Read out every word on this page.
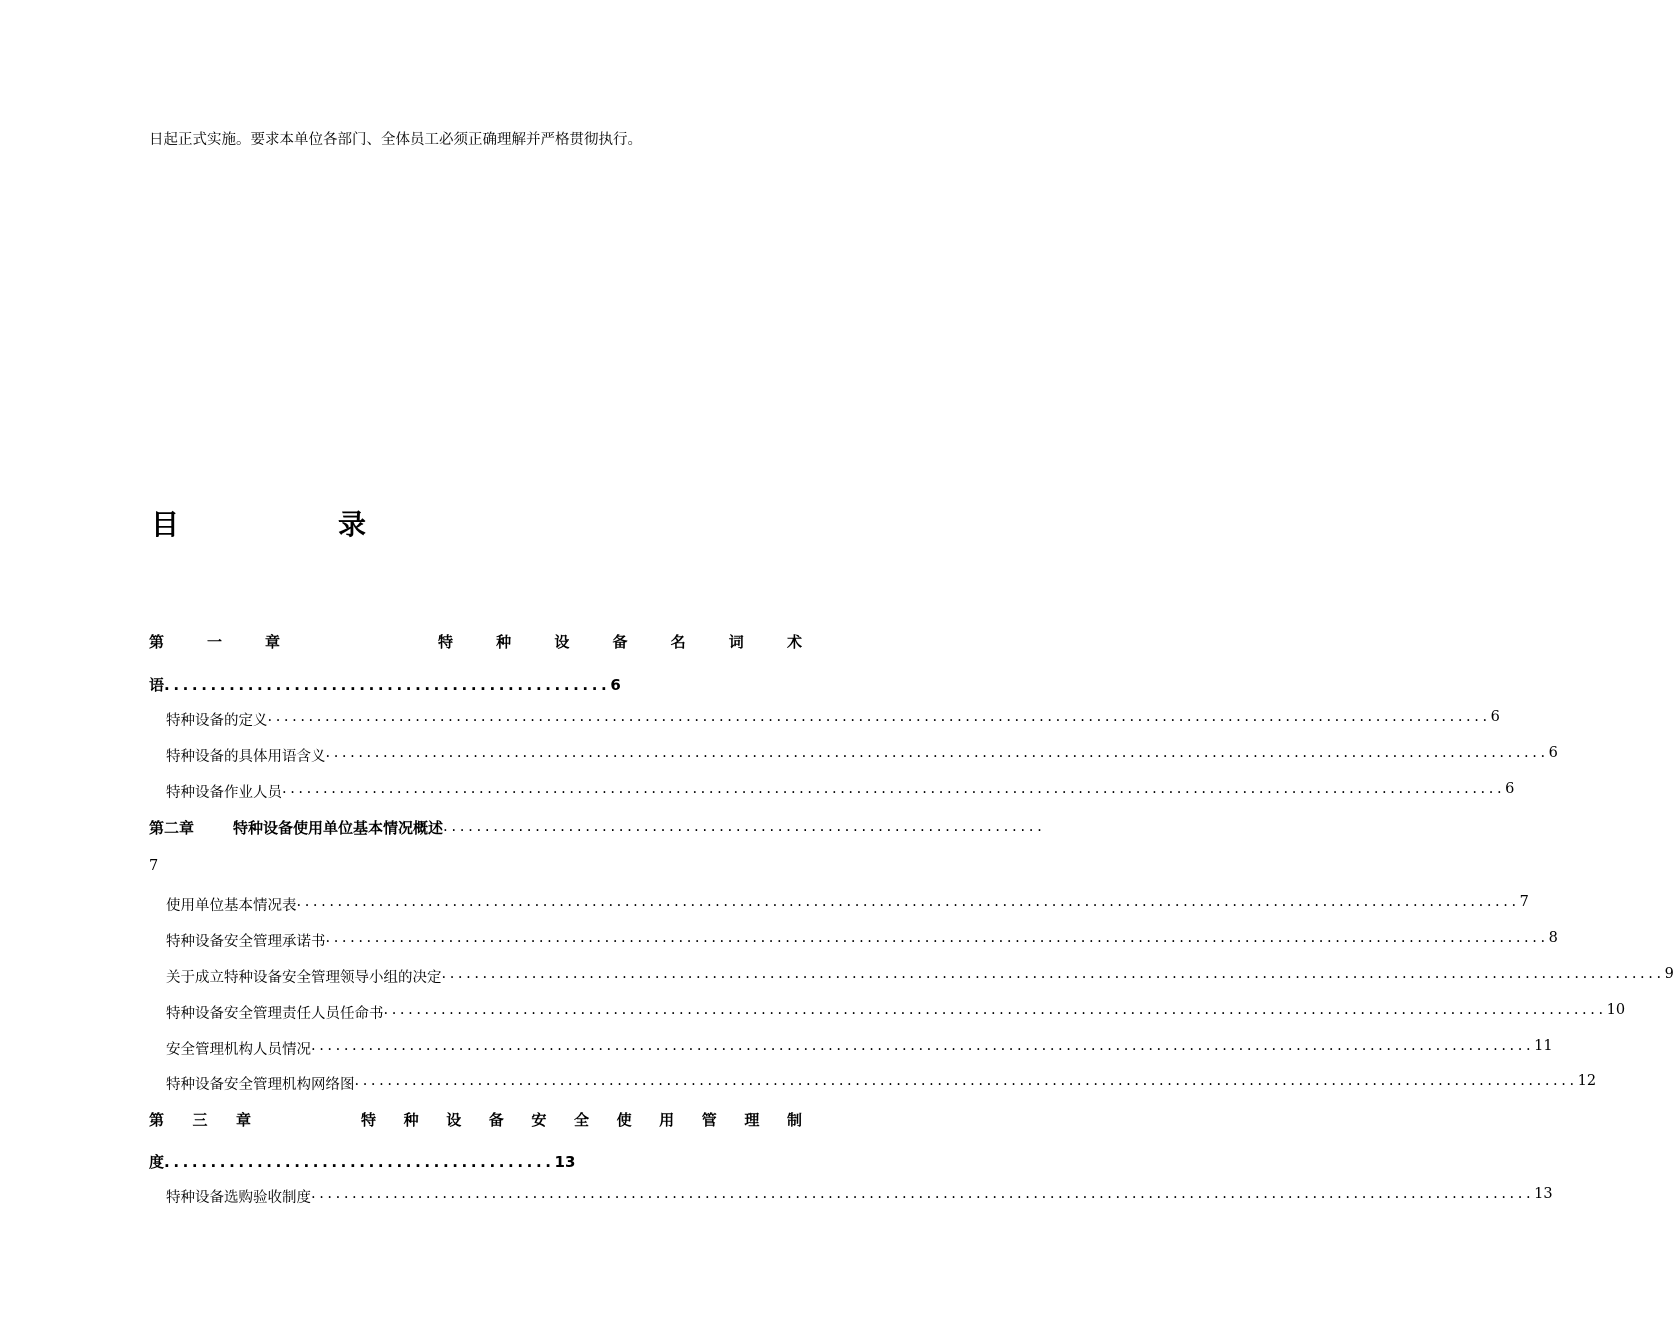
日起正式实施。要求本单位各部门、全体员工必须正确理解并严格贯彻执行。
目	录
第	一	章	特	种	设	备	名	词	术
语................................................6
特种设备的定义 ..................................................................................................................................................... 6
特种设备的具体用语含义 ..................................................................................................................................................... 6
特种设备作业人员 ..................................................................................................................................................... 6
第二章	特种设备使用单位基本情况概述 ........................................................................
7
使用单位基本情况表 ..................................................................................................................................................... 7
特种设备安全管理承诺书 ..................................................................................................................................................... 8
关于成立特种设备安全管理领导小组的决定 ..................................................................................................................................................... 9
特种设备安全管理责任人员任命书 ..................................................................................................................................................... 10
安全管理机构人员情况 ..................................................................................................................................................... 11
特种设备安全管理机构网络图 ..................................................................................................................................................... 12
第 三 章	特 种 设 备 安 全 使 用 管 理 制
度..........................................13
特种设备选购验收制度 ..................................................................................................................................................... 13
